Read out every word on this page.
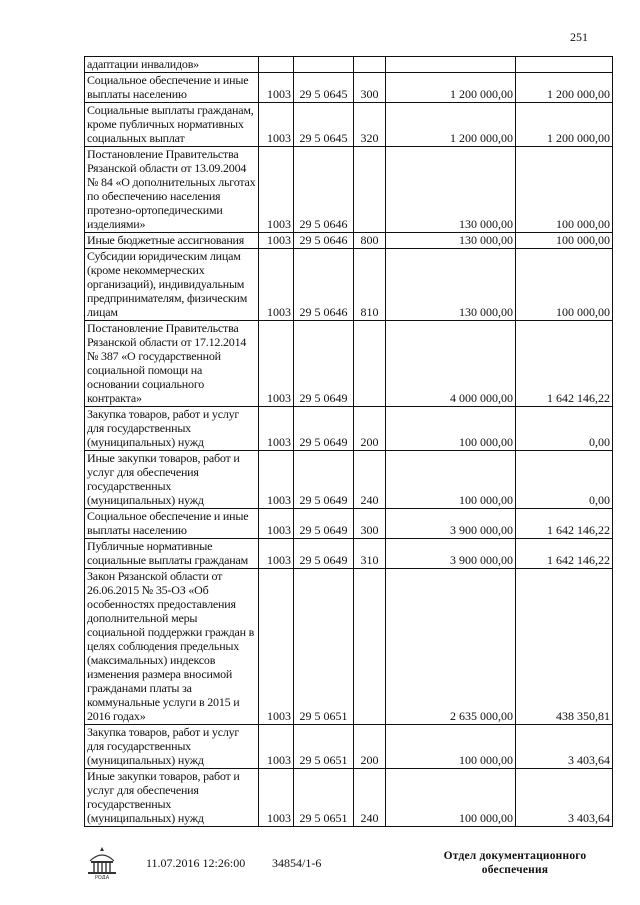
251
адаптации инвалидов»					
Социальное обеспечение и иные выплаты населению	1003	29 5 0645	300	1 200 000,00	1 200 000,00
Социальные выплаты гражданам, кроме публичных нормативных социальных выплат	1003	29 5 0645	320	1 200 000,00	1 200 000,00
Постановление Правительства Рязанской области от 13.09.2004 № 84 «О дополнительных льготах по обеспечению населения протезно-ортопедическими изделиями»	1003	29 5 0646		130 000,00	100 000,00
Иные бюджетные ассигнования	1003	29 5 0646	800	130 000,00	100 000,00
Субсидии юридическим лицам (кроме некоммерческих организаций), индивидуальным предпринимателям, физическим лицам	1003	29 5 0646	810	130 000,00	100 000,00
Постановление Правительства Рязанской области от 17.12.2014 № 387 «О государственной социальной помощи на основании социального контракта»	1003	29 5 0649		4 000 000,00	1 642 146,22
Закупка товаров, работ и услуг для государственных (муниципальных) нужд	1003	29 5 0649	200	100 000,00	0,00
Иные закупки товаров, работ и услуг для обеспечения государственных (муниципальных) нужд	1003	29 5 0649	240	100 000,00	0,00
Социальное обеспечение и иные выплаты населению	1003	29 5 0649	300	3 900 000,00	1 642 146,22
Публичные нормативные социальные выплаты гражданам	1003	29 5 0649	310	3 900 000,00	1 642 146,22
Закон Рязанской области от 26.06.2015 № 35-ОЗ «Об особенностях предоставления дополнительной меры социальной поддержки граждан в целях соблюдения предельных (максимальных) индексов изменения размера вносимой гражданами платы за коммунальные услуги в 2015 и 2016 годах»	1003	29 5 0651		2 635 000,00	438 350,81
Закупка товаров, работ и услуг для государственных (муниципальных) нужд	1003	29 5 0651	200	100 000,00	3 403,64
Иные закупки товаров, работ и услуг для обеспечения государственных (муниципальных) нужд	1003	29 5 0651	240	100 000,00	3 403,64
РОДА
11.07.2016 12:26:00 34854/1-6	Отдел документационного
обеспечения
